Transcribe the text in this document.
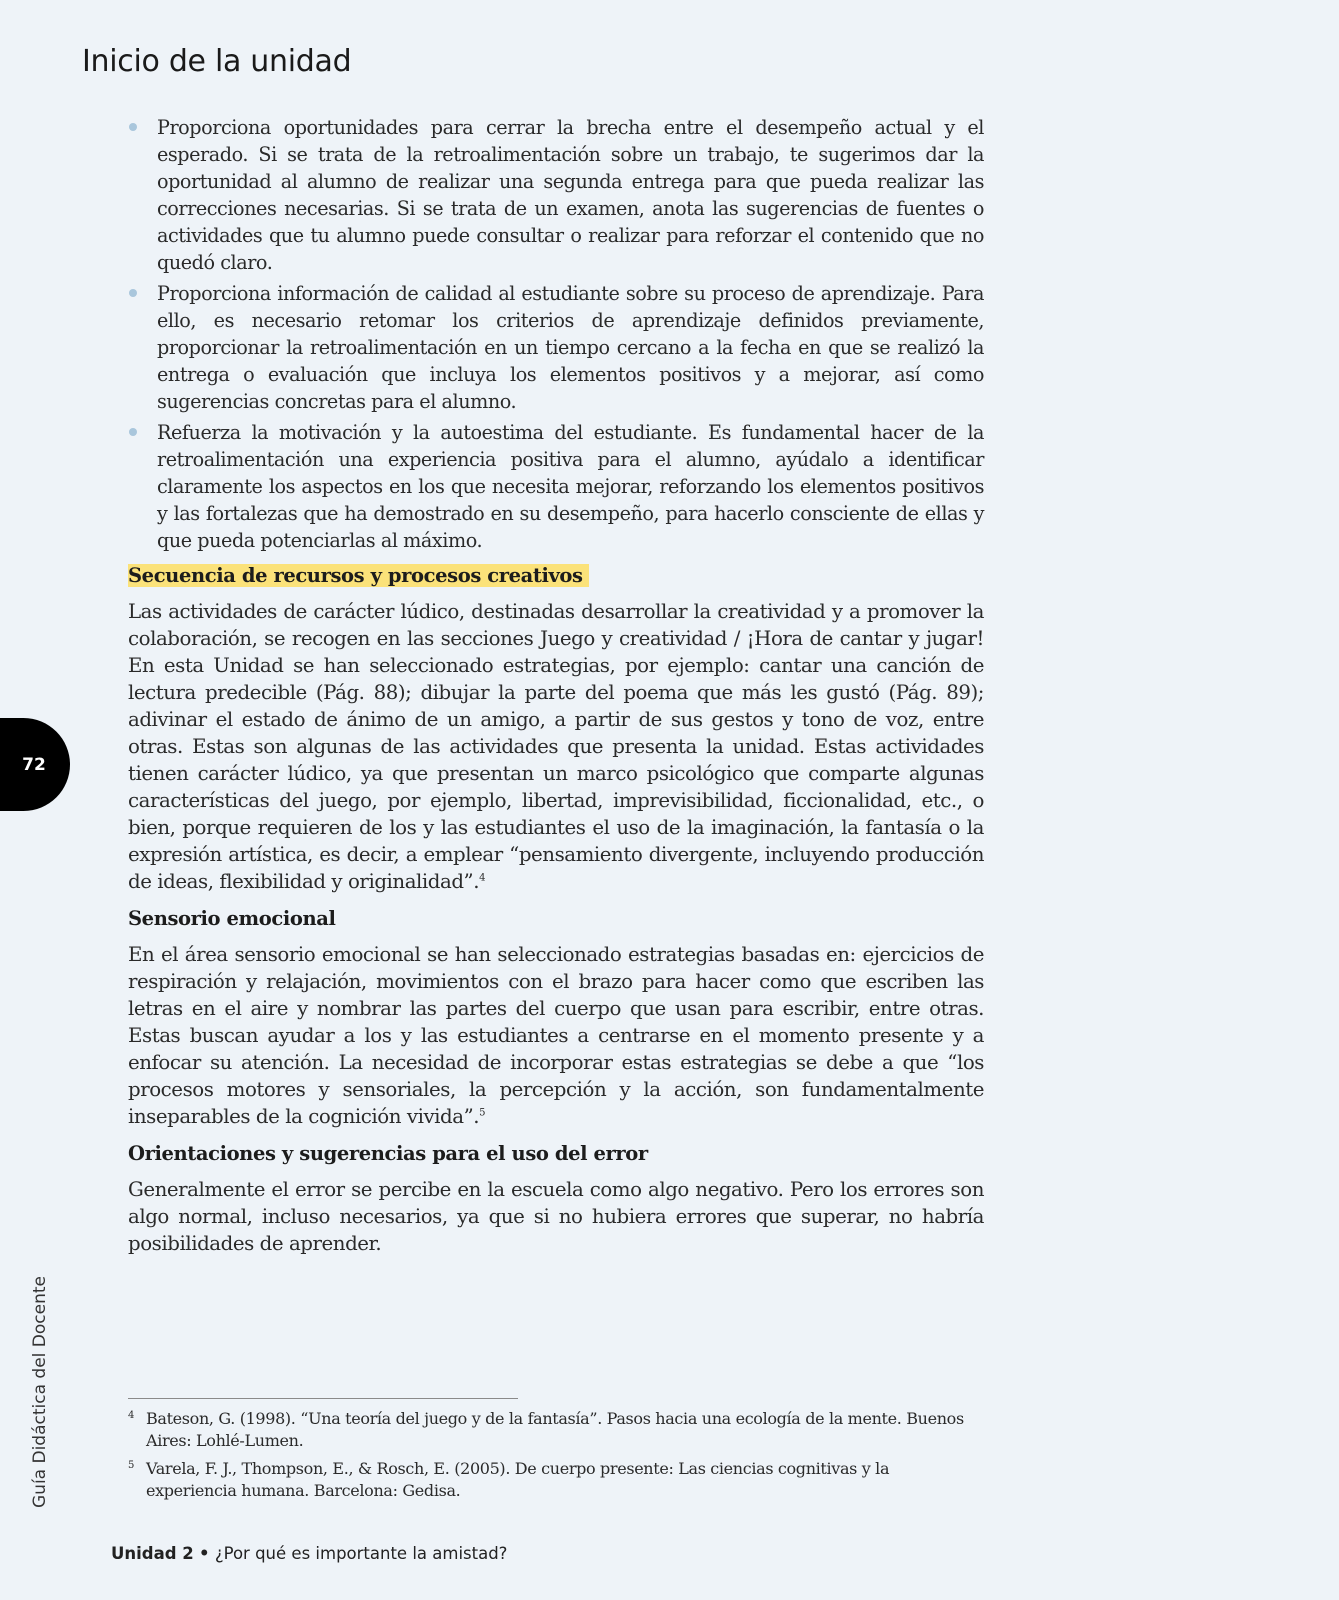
Inicio de la unidad
Proporciona oportunidades para cerrar la brecha entre el desempeño actual y el esperado. Si se trata de la retroalimentación sobre un trabajo, te sugerimos dar la oportunidad al alumno de realizar una segunda entrega para que pueda realizar las correcciones necesarias. Si se trata de un examen, anota las sugerencias de fuentes o actividades que tu alumno puede consultar o realizar para reforzar el contenido que no quedó claro.
Proporciona información de calidad al estudiante sobre su proceso de aprendizaje. Para ello, es necesario retomar los criterios de aprendizaje definidos previamente, proporcionar la retroalimentación en un tiempo cercano a la fecha en que se realizó la entrega o evaluación que incluya los elementos positivos y a mejorar, así como sugerencias concretas para el alumno.
Refuerza la motivación y la autoestima del estudiante. Es fundamental hacer de la retroalimentación una experiencia positiva para el alumno, ayúdalo a identificar claramente los aspectos en los que necesita mejorar, reforzando los elementos positivos y las fortalezas que ha demostrado en su desempeño, para hacerlo consciente de ellas y que pueda potenciarlas al máximo.
Secuencia de recursos y procesos creativos

Las actividades de carácter lúdico, destinadas desarrollar la creatividad y a promover la colaboración, se recogen en las secciones Juego y creatividad / ¡Hora de cantar y jugar! En esta Unidad se han seleccionado estrategias, por ejemplo: cantar una canción de lectura predecible (Pág. 88); dibujar la parte del poema que más les gustó (Pág. 89); adivinar el estado de ánimo de un amigo, a partir de sus gestos y tono de voz, entre otras. Estas son algunas de las actividades que presenta la unidad. Estas actividades tienen carácter lúdico, ya que presentan un marco psicológico que comparte algunas características del juego, por ejemplo, libertad, imprevisibilidad, ficcionalidad, etc., o bien, porque requieren de los y las estudiantes el uso de la imaginación, la fantasía o la expresión artística, es decir, a emplear “pensamiento divergente, incluyendo producción de ideas, flexibilidad y originalidad”.$^4$

Sensorio emocional

En el área sensorio emocional se han seleccionado estrategias basadas en: ejercicios de respiración y relajación, movimientos con el brazo para hacer como que escriben las letras en el aire y nombrar las partes del cuerpo que usan para escribir, entre otras. Estas buscan ayudar a los y las estudiantes a centrarse en el momento presente y a enfocar su atención. La necesidad de incorporar estas estrategias se debe a que “los procesos motores y sensoriales, la percepción y la acción, son fundamentalmente inseparables de la cognición vivida”.$^5$

Orientaciones y sugerencias para el uso del error

Generalmente el error se percibe en la escuela como algo negativo. Pero los errores son algo normal, incluso necesarios, ya que si no hubiera errores que superar, no habría posibilidades de aprender.

72
Guía Didáctica del Docente	4 Bateson, G. (1998). “Una teoría del juego y de la fantasía”. Pasos hacia una ecología de la mente. Buenos Aires: Lohlé-Lumen.
5 Varela, F. J., Thompson, E., & Rosch, E. (2005). De cuerpo presente: Las ciencias cognitivas y la experiencia humana. Barcelona: Gedisa.
Unidad 2 • ¿Por qué es importante la amistad?
